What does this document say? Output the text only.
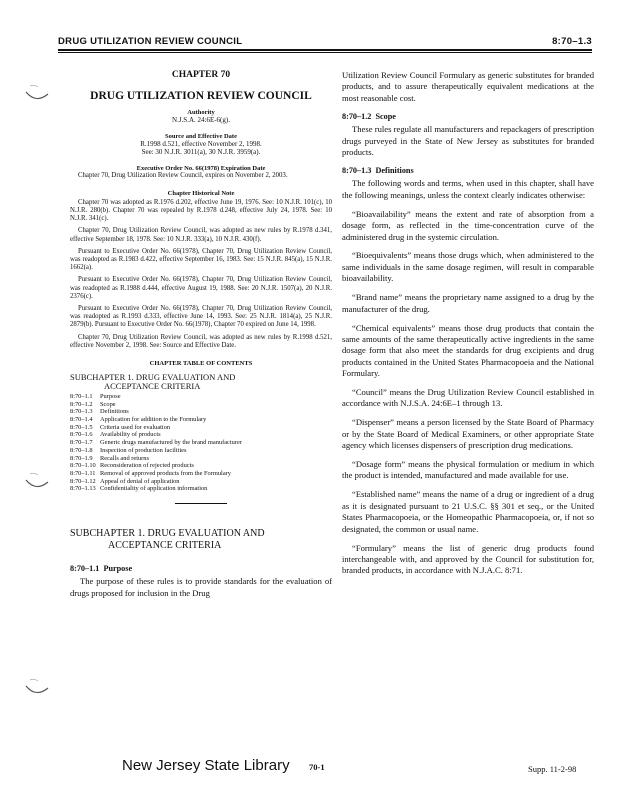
DRUG UTILIZATION REVIEW COUNCIL	8:70–1.3
CHAPTER 70
DRUG UTILIZATION REVIEW COUNCIL
Authority
N.J.S.A. 24:6E-6(g).
Source and Effective Date
R.1998 d.521, effective November 2, 1998.
See: 30 N.J.R. 3011(a), 30 N.J.R. 3959(a).
Executive Order No. 66(1978) Expiration Date

Chapter 70, Drug Utilization Review Council, expires on November 2, 2003.

Chapter Historical Note

Chapter 70 was adopted as R.1976 d.202, effective June 19, 1976. See: 10 N.J.R. 101(c), 10 N.J.R. 280(b). Chapter 70 was repealed by R.1978 d.248, effective July 24, 1978. See: 10 N.J.R. 341(c).

Chapter 70, Drug Utilization Review Council, was adopted as new rules by R.1978 d.341, effective September 18, 1978. See: 10 N.J.R. 333(a), 10 N.J.R. 430(f).

Pursuant to Executive Order No. 66(1978), Chapter 70, Drug Utilization Review Council, was readopted as R.1983 d.422, effective September 16, 1983. See: 15 N.J.R. 845(a), 15 N.J.R. 1662(a).

Pursuant to Executive Order No. 66(1978), Chapter 70, Drug Utilization Review Council, was readopted as R.1988 d.444, effective August 19, 1988. See: 20 N.J.R. 1507(a), 20 N.J.R. 2376(c).

Pursuant to Executive Order No. 66(1978), Chapter 70, Drug Utilization Review Council, was readopted as R.1993 d.333, effective June 14, 1993. See: 25 N.J.R. 1814(a), 25 N.J.R. 2879(b). Pursuant to Executive Order No. 66(1978), Chapter 70 expired on June 14, 1998.

Chapter 70, Drug Utilization Review Council, was adopted as new rules by R.1998 d.521, effective November 2, 1998. See: Source and Effective Date.

CHAPTER TABLE OF CONTENTS
SUBCHAPTER 1. DRUG EVALUATION AND
ACCEPTANCE CRITERIA
8:70–1.1	Purpose
8:70–1.2	Scope
8:70–1.3	Definitions
8:70–1.4	Application for addition to the Formulary
8:70–1.5	Criteria used for evaluation
8:70–1.6	Availability of products
8:70–1.7	Generic drugs manufactured by the brand manufacturer
8:70–1.8	Inspection of production facilities
8:70–1.9	Recalls and returns
8:70–1.10 Reconsideration of rejected products
8:70–1.11 Removal of approved products from the Formulary
8:70–1.12 Appeal of denial of application
8:70–1.13 Confidentiality of application information
SUBCHAPTER 1. DRUG EVALUATION AND
ACCEPTANCE CRITERIA
8:70–1.1 Purpose

The purpose of these rules is to provide standards for the evaluation of drugs proposed for inclusion in the Drug

Utilization Review Council Formulary as generic substitutes for branded products, and to assure therapeutically equivalent medications at the most reasonable cost.

8:70–1.2 Scope

These rules regulate all manufacturers and repackagers of prescription drugs purveyed in the State of New Jersey as substitutes for branded products.

8:70–1.3 Definitions

The following words and terms, when used in this chapter, shall have the following meanings, unless the context clearly indicates otherwise:

“Bioavailability” means the extent and rate of absorption from a dosage form, as reflected in the time-concentration curve of the administered drug in the systemic circulation.

“Bioequivalents” means those drugs which, when administered to the same individuals in the same dosage regimen, will result in comparable bioavailability.

“Brand name” means the proprietary name assigned to a drug by the manufacturer of the drug.

“Chemical equivalents” means those drug products that contain the same amounts of the same therapeutically active ingredients in the same dosage form that also meet the standards for drug excipients and drug products contained in the United States Pharmacopoeia and the National Formulary.

“Council” means the Drug Utilization Review Council established in accordance with N.J.S.A. 24:6E–1 through 13.

“Dispenser” means a person licensed by the State Board of Pharmacy or by the State Board of Medical Examiners, or other appropriate State agency which licenses dispensers of prescription drug medications.

“Dosage form” means the physical formulation or medium in which the product is intended, manufactured and made available for use.

“Established name” means the name of a drug or ingredient of a drug as it is designated pursuant to 21 U.S.C. §§ 301 et seq., or the United States Pharmacopoeia, or the Homeopathic Pharmacopoeia, or, if not so designated, the common or usual name.

“Formulary” means the list of generic drug products found interchangeable with, and approved by the Council for substitution for, branded products, in accordance with N.J.A.C. 8:71.

New Jersey State Library 70-1	Supp. 11-2-98
